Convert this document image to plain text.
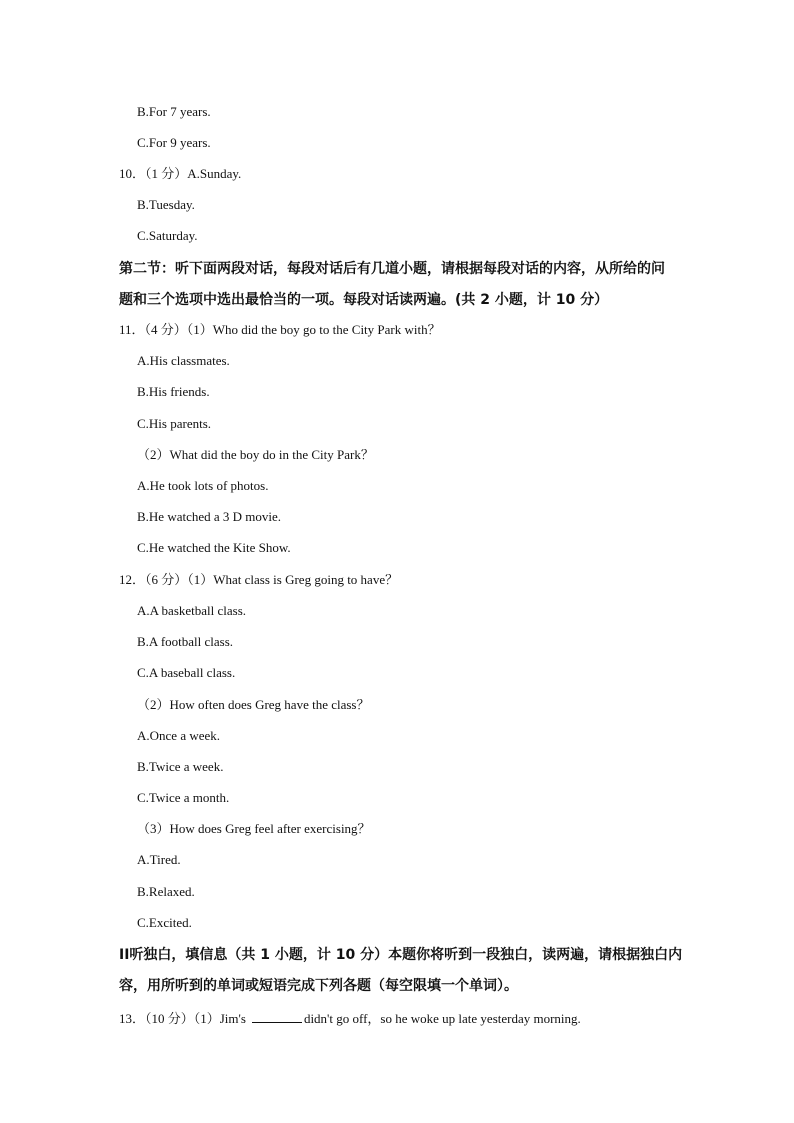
B.For 7 years.
C.For 9 years.
10．（1 分）A.Sunday.
B.Tuesday.
C.Saturday.
第二节：听下面两段对话，每段对话后有几道小题，请根据每段对话的内容，从所给的问
题和三个选项中选出最恰当的一项。每段对话读两遍。(共 2 小题，计 10 分）
11．（4 分）（1）Who did the boy go to the City Park with？
A.His classmates.
B.His friends.
C.His parents.
（2）What did the boy do in the City Park？
A.He took lots of photos.
B.He watched a 3 D movie.
C.He watched the Kite Show.
12．（6 分）（1）What class is Greg going to have？
A.A basketball class.
B.A football class.
C.A baseball class.
（2）How often does Greg have the class？
A.Once a week.
B.Twice a week.
C.Twice a month.
（3）How does Greg feel after exercising？
A.Tired.
B.Relaxed.
C.Excited.
II听独白，填信息（共 1 小题，计 10 分）本题你将听到一段独白，读两遍，请根据独白内
容，用所听到的单词或短语完成下列各题（每空限填一个单词）。
13．（10 分）（1）Jim's	didn't go off，so he woke up late yesterday morning.
